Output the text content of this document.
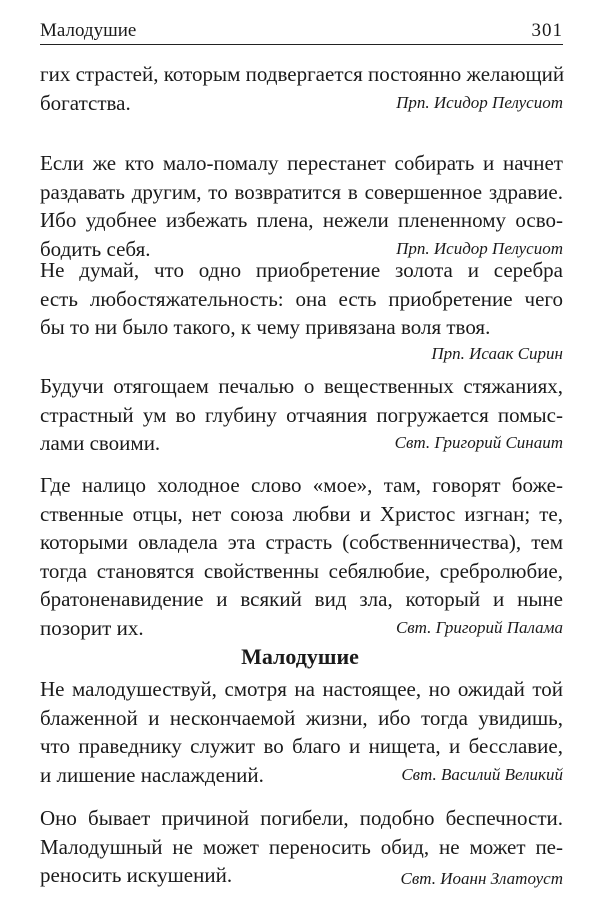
Малодушие	301
гих страстей, которым подвергается постоянно желающий
богатства.	Прп. Исидор Пелусиот
Если же кто мало-помалу перестанет собирать и начнет
раздавать другим, то возвратится в совершенное здравие.
Ибо удобнее избежать плена, нежели плененному осво-
бодить себя.	Прп. Исидор Пелусиот
Не думай, что одно приобретение золота и серебра
есть любостяжательность: она есть приобретение чего
бы то ни было такого, к чему привязана воля твоя.
Прп. Исаак Сирин
Будучи отягощаем печалью о вещественных стяжаниях,
страстный ум во глубину отчаяния погружается помыс-
лами своими.	Свт. Григорий Синаит
Где налицо холодное слово «мое», там, говорят боже-
ственные отцы, нет союза любви и Христос изгнан; те,
которыми овладела эта страсть (собственничества), тем
тогда становятся свойственны себялюбие, сребролюбие,
братоненавидение и всякий вид зла, который и ныне
позорит их.	Свт. Григорий Палама
Не малодушествуй, смотря на настоящее, но ожидай той
блаженной и нескончаемой жизни, ибо тогда увидишь,
что праведнику служит во благо и нищета, и бесславие,
и лишение наслаждений.	Свт. Василий Великий
Оно бывает причиной погибели, подобно беспечности.
Малодушный не может переносить обид, не может пе-
реносить искушений.	Свт. Иоанн Златоуст
Малодушие
